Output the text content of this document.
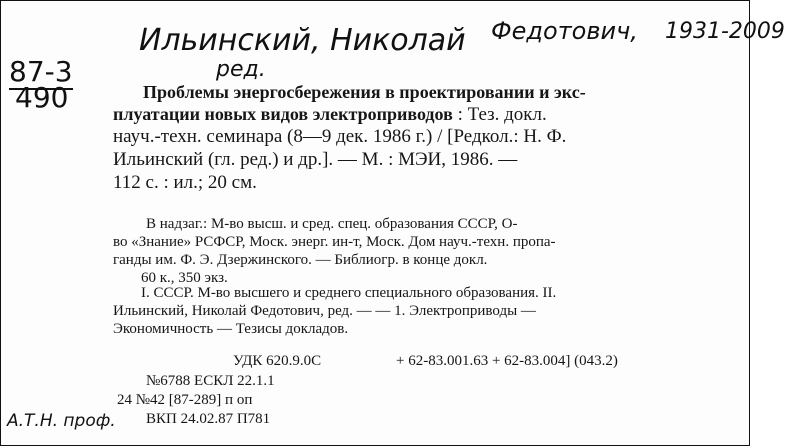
Ильинский, Николай Федотович, 1931-2009
ред.
87-3
490
А.Т.Н. проф.
Проблемы энергосбережения в проектировании и экс-
плуатации новых видов электроприводов : Тез. докл.
науч.-техн. семинара (8—9 дек. 1986 г.) / [Редкол.: Н. Ф.
Ильинский (гл. ред.) и др.]. — М. : МЭИ, 1986. —
112 с. : ил.; 20 см.
В надзаг.: М-во высш. и сред. спец. образования СССР, О-
во «Знание» РСФСР, Моск. энерг. ин-т, Моск. Дом науч.-техн. пропа-
ганды им. Ф. Э. Дзержинского. — Библиогр. в конце докл.
60 к., 350 экз.
I. СССР. М-во высшего и среднего специального образования. II.
Ильинский, Николай Федотович, ред. — — 1. Электроприводы —
Экономичность — Тезисы докладов.
УДК 620.9.0С	+ 62-83.001.63 + 62-83.004] (043.2)
№6788 ЕСКЛ 22.1.1
24 №42 [87-289] п оп
ВКП 24.02.87 П781
